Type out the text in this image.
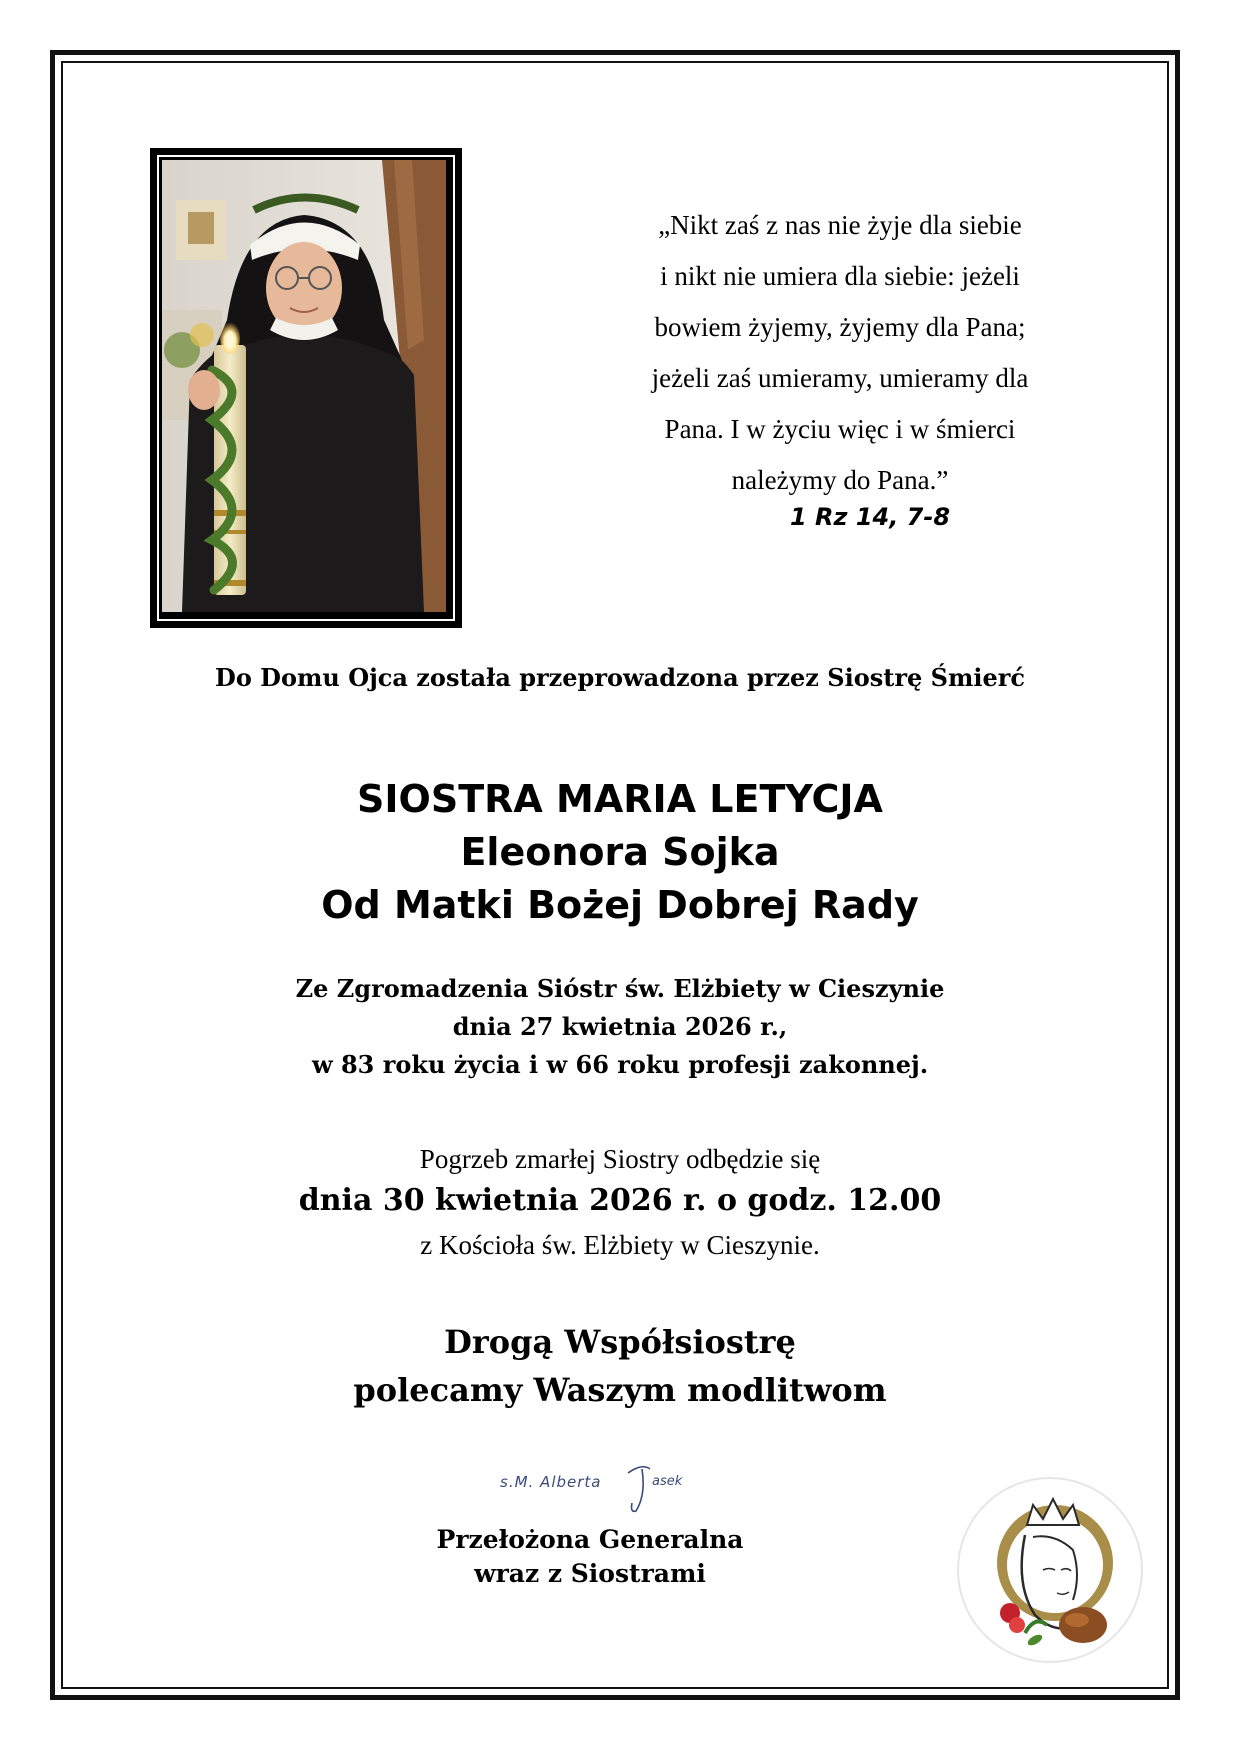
„Nikt zaś z nas nie żyje dla siebie
i nikt nie umiera dla siebie: jeżeli
bowiem żyjemy, żyjemy dla Pana;
jeżeli zaś umieramy, umieramy dla
Pana. I w życiu więc i w śmierci
należymy do Pana.”
1 Rz 14, 7-8
Do Domu Ojca została przeprowadzona przez Siostrę Śmierć
SIOSTRA MARIA LETYCJA
Eleonora Sojka
Od Matki Bożej Dobrej Rady
Ze Zgromadzenia Sióstr św. Elżbiety w Cieszynie
dnia 27 kwietnia 2026 r.,
w 83 roku życia i w 66 roku profesji zakonnej.
Pogrzeb zmarłej Siostry odbędzie się
dnia 30 kwietnia 2026 r. o godz. 12.00
z Kościoła św. Elżbiety w Cieszynie.
Drogą Współsiostrę
polecamy Waszym modlitwom
s.M. Alberta	asek
Przełożona Generalna
wraz z Siostrami
